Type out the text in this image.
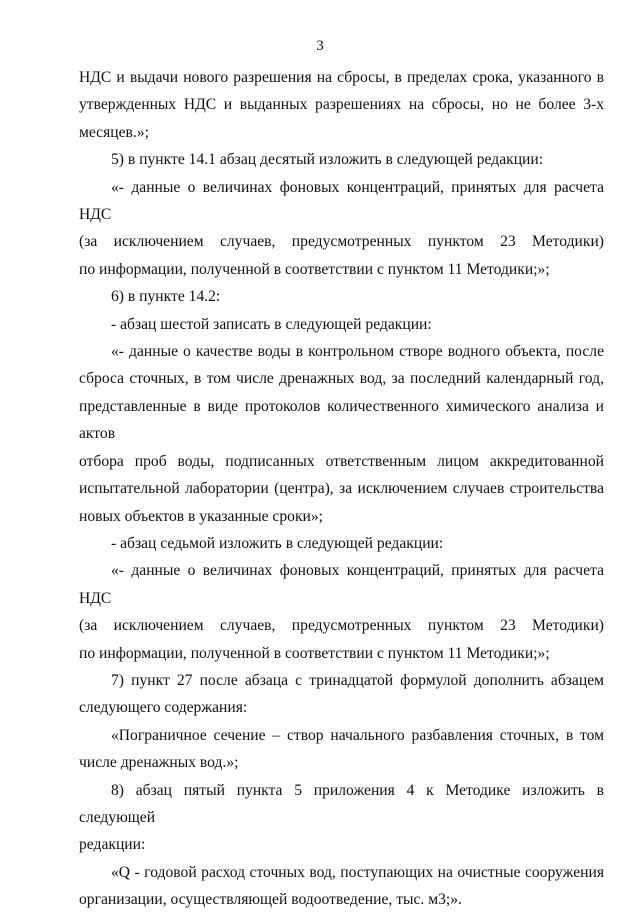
3
НДС и выдачи нового разрешения на сбросы, в пределах срока, указанного в
утвержденных НДС и выданных разрешениях на сбросы, но не более 3-х
месяцев.»;
5) в пункте 14.1 абзац десятый изложить в следующей редакции:
«- данные о величинах фоновых концентраций, принятых для расчета НДС
(за исключением случаев, предусмотренных пунктом 23 Методики)
по информации, полученной в соответствии с пунктом 11 Методики;»;
6) в пункте 14.2:
- абзац шестой записать в следующей редакции:
«- данные о качестве воды в контрольном створе водного объекта, после
сброса сточных, в том числе дренажных вод, за последний календарный год,
представленные в виде протоколов количественного химического анализа и актов
отбора проб воды, подписанных ответственным лицом аккредитованной
испытательной лаборатории (центра), за исключением случаев строительства
новых объектов в указанные сроки»;
- абзац седьмой изложить в следующей редакции:
«- данные о величинах фоновых концентраций, принятых для расчета НДС
(за исключением случаев, предусмотренных пунктом 23 Методики)
по информации, полученной в соответствии с пунктом 11 Методики;»;
7) пункт 27 после абзаца с тринадцатой формулой дополнить абзацем
следующего содержания:
«Пограничное сечение – створ начального разбавления сточных, в том
числе дренажных вод.»;
8) абзац пятый пункта 5 приложения 4 к Методике изложить в следующей
редакции:
«Q - годовой расход сточных вод, поступающих на очистные сооружения
организации, осуществляющей водоотведение, тыс. м3;».
